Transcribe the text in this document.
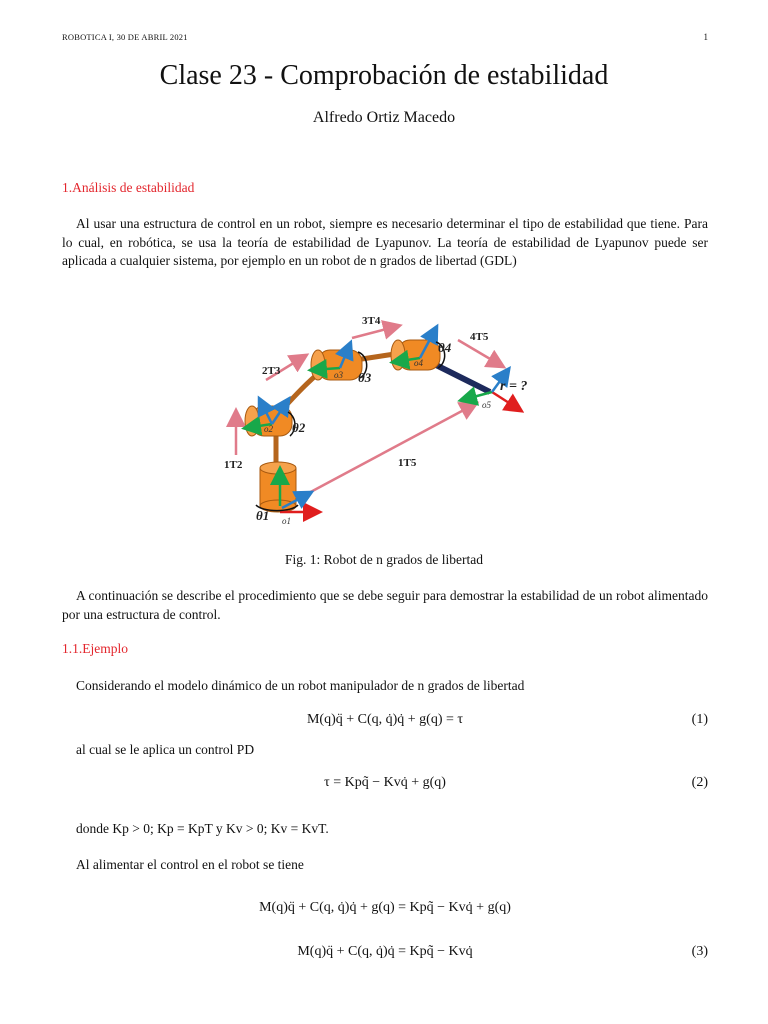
ROBOTICA I, 30 DE ABRIL 2021	1
Clase 23 - Comprobación de estabilidad
Alfredo Ortiz Macedo
1.Análisis de estabilidad
Al usar una estructura de control en un robot, siempre es necesario determinar el tipo de estabilidad que tiene. Para lo cual, en robótica, se usa la teoría de estabilidad de Lyapunov. La teoría de estabilidad de Lyapunov puede ser aplicada a cualquier sistema, por ejemplo en un robot de n grados de libertad (GDL)
1T2
2T3
3T4
4T5
1T5
θ1
θ2
θ3
θ4
o1
o2
o3
o4
o5
r = ?
Fig. 1: Robot de n grados de libertad
A continuación se describe el procedimiento que se debe seguir para demostrar la estabilidad de un robot alimentado por una estructura de control.
1.1.Ejemplo
Considerando el modelo dinámico de un robot manipulador de n grados de libertad
M(q)q̈ + C(q, q̇)q̇ + g(q) = τ	(1)
al cual se le aplica un control PD
τ = Kpq̃ − Kvq̇ + g(q)	(2)
donde Kp > 0; Kp = KpT y Kv > 0; Kv = KvT.
Al alimentar el control en el robot se tiene
M(q)q̈ + C(q, q̇)q̇ + g(q) = Kpq̃ − Kvq̇ + g(q)
M(q)q̈ + C(q, q̇)q̇ = Kpq̃ − Kvq̇	(3)
